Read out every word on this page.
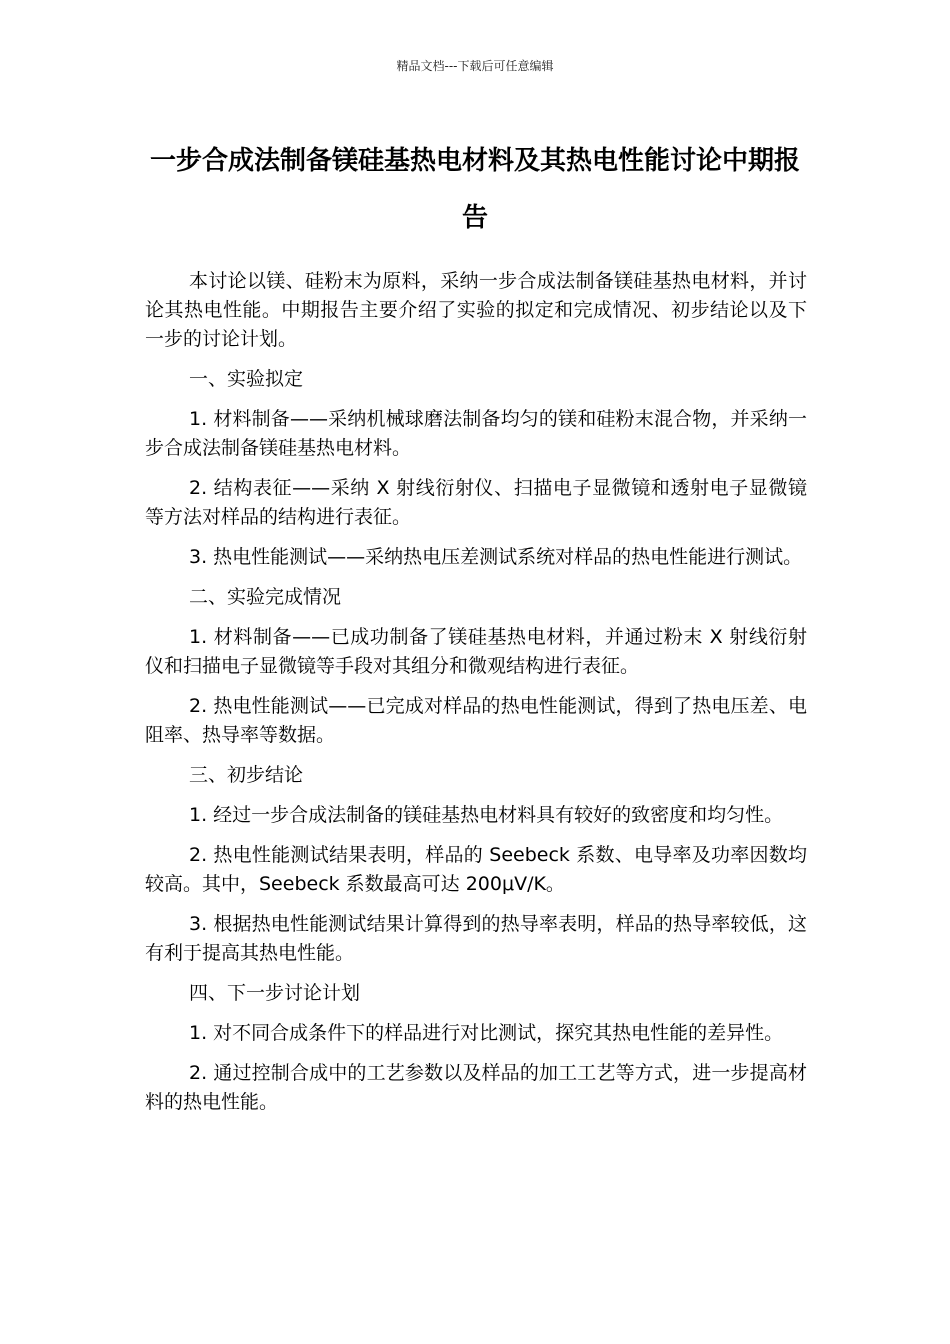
精品文档---下载后可任意编辑
一步合成法制备镁硅基热电材料及其热电性能讨论中期报告

本讨论以镁、硅粉末为原料，采纳一步合成法制备镁硅基热电材料，并讨论其热电性能。中期报告主要介绍了实验的拟定和完成情况、初步结论以及下一步的讨论计划。

一、实验拟定

1. 材料制备——采纳机械球磨法制备均匀的镁和硅粉末混合物，并采纳一步合成法制备镁硅基热电材料。

2. 结构表征——采纳 X 射线衍射仪、扫描电子显微镜和透射电子显微镜等方法对样品的结构进行表征。

3. 热电性能测试——采纳热电压差测试系统对样品的热电性能进行测试。

二、实验完成情况

1. 材料制备——已成功制备了镁硅基热电材料，并通过粉末 X 射线衍射仪和扫描电子显微镜等手段对其组分和微观结构进行表征。

2. 热电性能测试——已完成对样品的热电性能测试，得到了热电压差、电阻率、热导率等数据。

三、初步结论

1. 经过一步合成法制备的镁硅基热电材料具有较好的致密度和均匀性。

2. 热电性能测试结果表明，样品的 Seebeck 系数、电导率及功率因数均较高。其中，Seebeck 系数最高可达 200μV/K。

3. 根据热电性能测试结果计算得到的热导率表明，样品的热导率较低，这有利于提高其热电性能。

四、下一步讨论计划

1. 对不同合成条件下的样品进行对比测试，探究其热电性能的差异性。

2. 通过控制合成中的工艺参数以及样品的加工工艺等方式，进一步提高材料的热电性能。
